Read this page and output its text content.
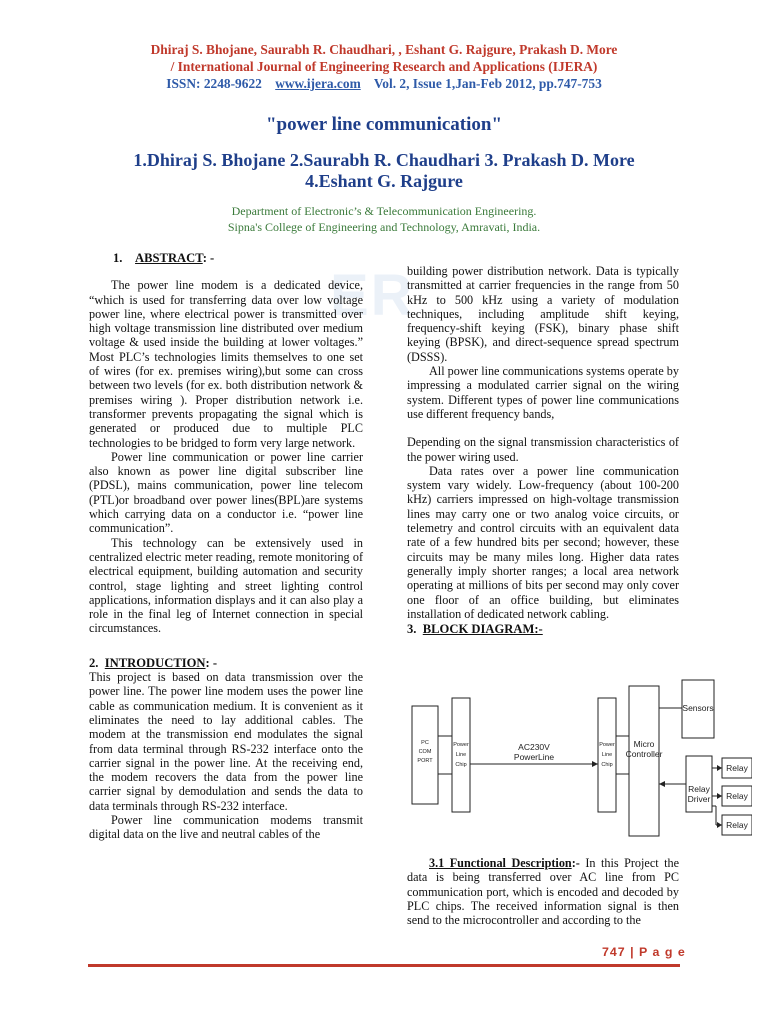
Dhiraj S. Bhojane, Saurabh R. Chaudhari, , Eshant G. Rajgure, Prakash D. More
/ International Journal of Engineering Research and Applications (IJERA)
ISSN: 2248-9622 www.ijera.com Vol. 2, Issue 1,Jan-Feb 2012, pp.747-753
"power line communication"
1.Dhiraj S. Bhojane 2.Saurabh R. Chaudhari 3. Prakash D. More
4.Eshant G. Rajgure
Department of Electronic’s & Telecommunication Engineering.
Sipna's College of Engineering and Technology, Amravati, India.
ER

1. ABSTRACT: -

The power line modem is a dedicated device, “which is used for transferring data over low voltage power line, where electrical power is transmitted over high voltage transmission line distributed over medium voltage & used inside the building at lower voltages.” Most PLC’s technologies limits themselves to one set of wires (for ex. premises wiring),but some can cross between two levels (for ex. both distribution network & premises wiring ). Proper distribution network i.e. transformer prevents propagating the signal which is generated or produced due to multiple PLC technologies to be bridged to form very large network.

Power line communication or power line carrier also known as power line digital subscriber line (PDSL), mains communication, power line telecom (PTL)or broadband over power lines(BPL)are systems which carrying data on a conductor i.e. “power line communication”.

This technology can be extensively used in centralized electric meter reading, remote monitoring of electrical equipment, building automation and security control, stage lighting and street lighting control applications, information displays and it can also play a role in the final leg of Internet connection in special circumstances.

2. INTRODUCTION: -

This project is based on data transmission over the power line. The power line modem uses the power line cable as communication medium. It is convenient as it eliminates the need to lay additional cables. The modem at the transmission end modulates the signal from data terminal through RS-232 interface onto the carrier signal in the power line. At the receiving end, the modem recovers the data from the power line carrier signal by demodulation and sends the data to data terminals through RS-232 interface.

Power line communication modems transmit digital data on the live and neutral cables of the

building power distribution network. Data is typically transmitted at carrier frequencies in the range from 50 kHz to 500 kHz using a variety of modulation techniques, including amplitude shift keying, frequency-shift keying (FSK), binary phase shift keying (BPSK), and direct-sequence spread spectrum (DSSS).

All power line communications systems operate by impressing a modulated carrier signal on the wiring system. Different types of power line communications use different frequency bands,

Depending on the signal transmission characteristics of the power wiring used.

Data rates over a power line communication system vary widely. Low-frequency (about 100-200 kHz) carriers impressed on high-voltage transmission lines may carry one or two analog voice circuits, or telemetry and control circuits with an equivalent data rate of a few hundred bits per second; however, these circuits may be many miles long. Higher data rates generally imply shorter ranges; a local area network operating at millions of bits per second may only cover one floor of an office building, but eliminates installation of dedicated network cabling.

3. BLOCK DIAGRAM:-

PC
COM
PORT
Power
Line
Chip
Power
Line
Chip
AC230V
PowerLine
Micro
Controller
Sensors
Relay
Driver
Relay
Relay
Relay

3.1 Functional Description:- In this Project the data is being transferred over AC line from PC communication port, which is encoded and decoded by PLC chips. The received information signal is then send to the microcontroller and according to the

747 | P a g e
